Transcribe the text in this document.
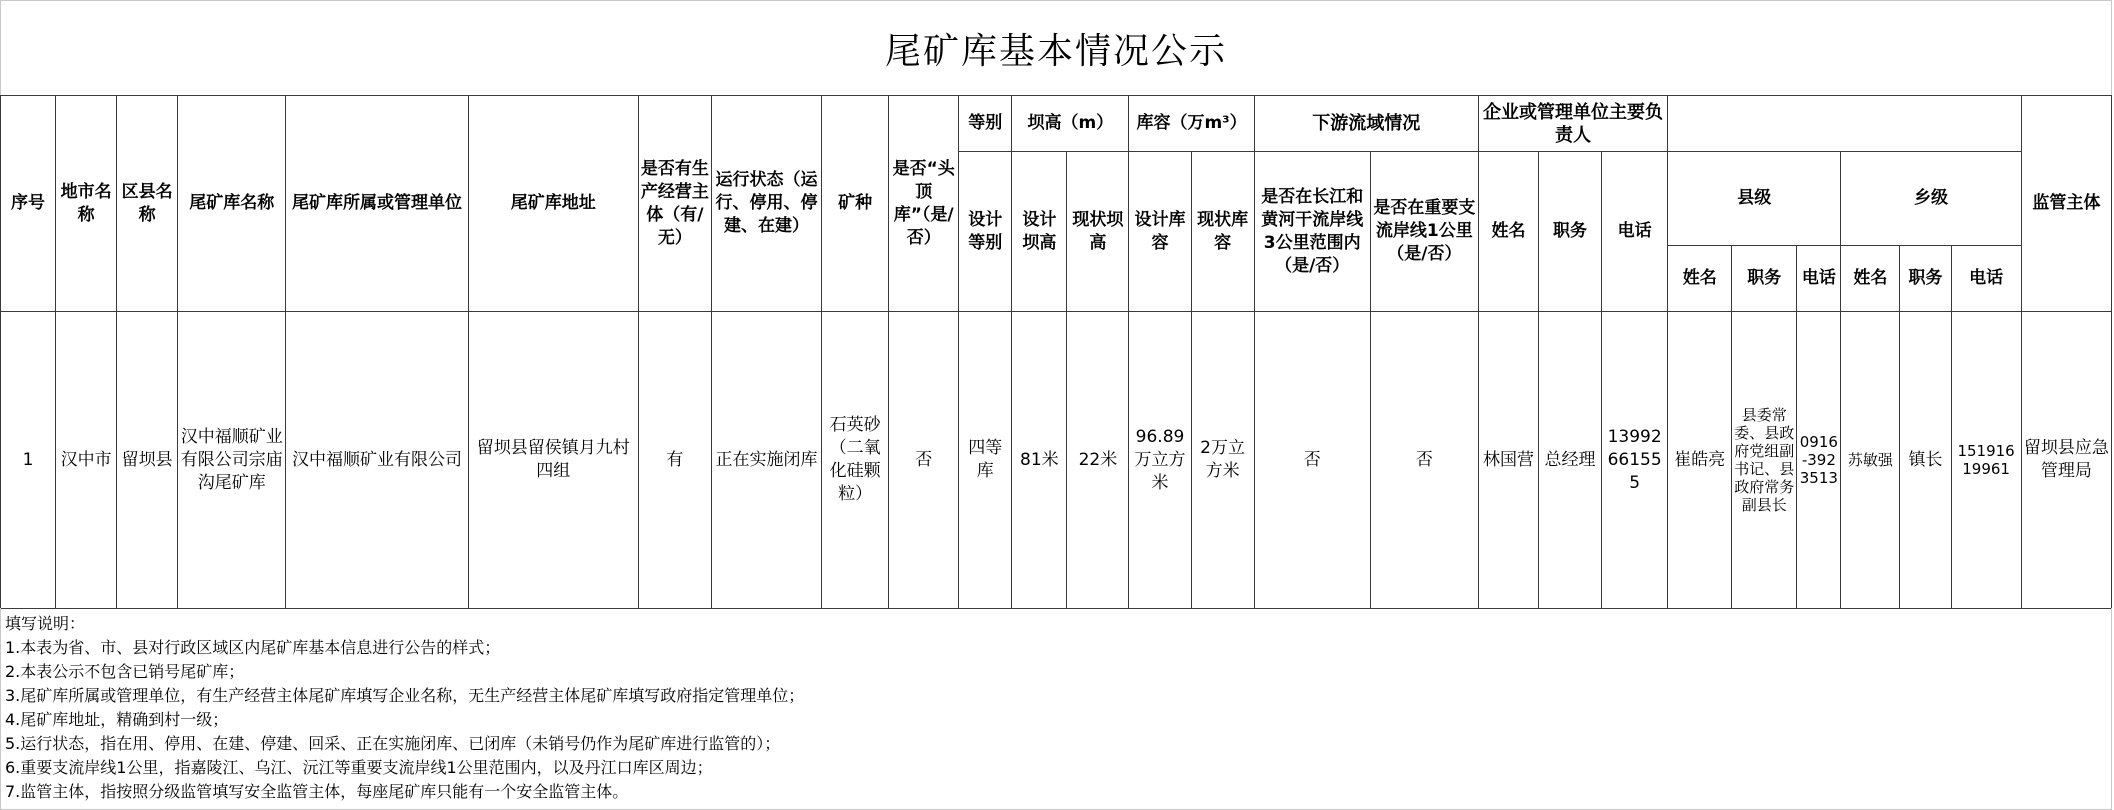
尾矿库基本情况公示
序号	地市名称	区县名称	尾矿库名称	尾矿库所属或管理单位	尾矿库地址	是否有生产经营主体（有/无）	运行状态（运行、停用、停建、在建）	矿种	是否“头顶库”（是/否）	等别	坝高（m）		库容（万m³）		下游流域情况		企业或管理单位主要负责人									监管主体
										设计等别	设计坝高	现状坝高	设计库容	现状库容	是否在长江和黄河干流岸线3公里范围内（是/否）	是否在重要支流岸线1公里（是/否）	姓名	职务	电话	县级			乡级			
																				姓名	职务	电话	姓名	职务	电话	
1	汉中市	留坝县	汉中福顺矿业有限公司宗庙沟尾矿库	汉中福顺矿业有限公司	留坝县留侯镇月九村四组	有	正在实施闭库	石英砂（二氧化硅颗粒）	否	四等库	81米	22米	96.89万立方米	2万立方米	否	否	林国营	总经理	13992661555	崔皓亮	县委常委、县政府党组副书记、县政府常务副县长	0916-3923513	苏敏强	镇长	15191619961	留坝县应急管理局
填写说明：
1.本表为省、市、县对行政区域区内尾矿库基本信息进行公告的样式；
2.本表公示不包含已销号尾矿库；
3.尾矿库所属或管理单位，有生产经营主体尾矿库填写企业名称，无生产经营主体尾矿库填写政府指定管理单位；
4.尾矿库地址，精确到村一级；
5.运行状态，指在用、停用、在建、停建、回采、正在实施闭库、已闭库（未销号仍作为尾矿库进行监管的）；
6.重要支流岸线1公里，指嘉陵江、乌江、沅江等重要支流岸线1公里范围内，以及丹江口库区周边；
7.监管主体，指按照分级监管填写安全监管主体，每座尾矿库只能有一个安全监管主体。
